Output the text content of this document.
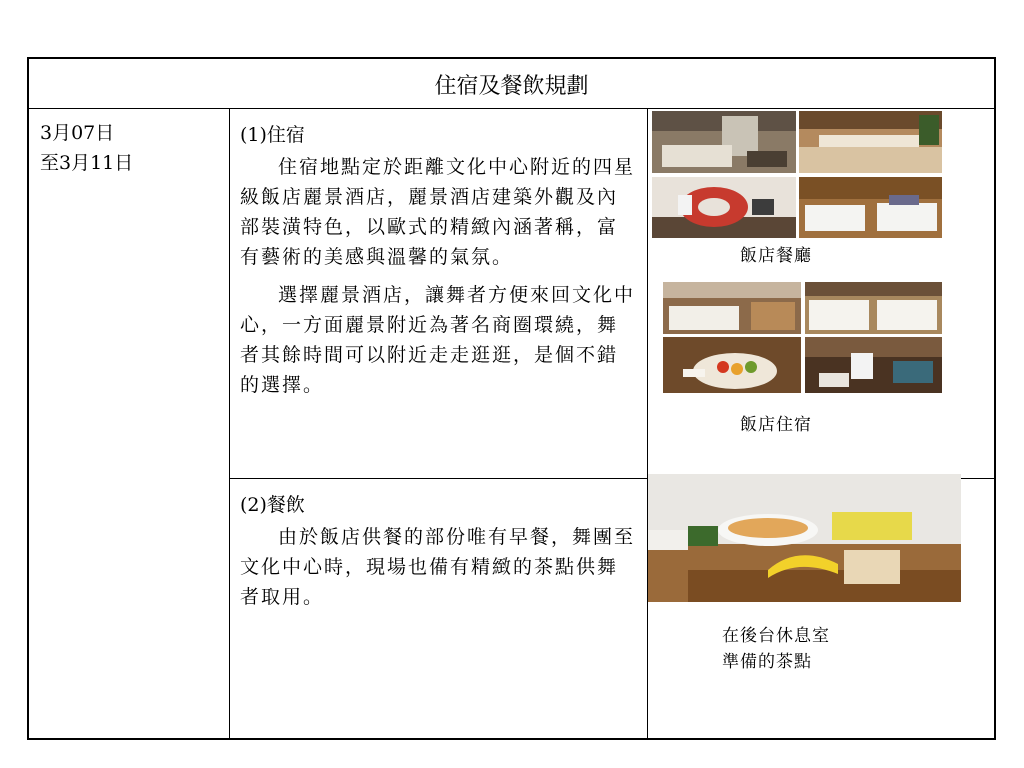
住宿及餐飲規劃
3月07日
至3月11日
(1)住宿

住宿地點定於距離文化中心附近的四星級飯店麗景酒店，麗景酒店建築外觀及內部裝潢特色，以歐式的精緻內涵著稱，富有藝術的美感與溫馨的氣氛。

選擇麗景酒店，讓舞者方便來回文化中心，一方面麗景附近為著名商圈環繞，舞者其餘時間可以附近走走逛逛，是個不錯的選擇。

(2)餐飲

由於飯店供餐的部份唯有早餐，舞團至文化中心時，現場也備有精緻的茶點供舞者取用。

飯店餐廳
飯店住宿
在後台休息室
準備的茶點
